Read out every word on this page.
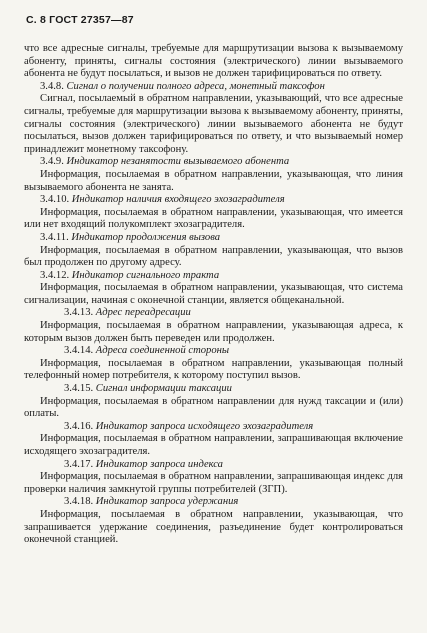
С. 8 ГОСТ 27357—87

что все адресные сигналы, требуемые для маршрутизации вызова к вызываемому абоненту, приняты, сигналы состояния (электрического) линии вызываемого абонента не будут посылаться, и вызов не должен тарифицироваться по ответу.

3.4.8. Сигнал о получении полного адреса, монетный таксофон

Сигнал, посылаемый в обратном направлении, указывающий, что все адресные сигналы, требуемые для маршрутизации вызова к вызываемому абоненту, приняты, сигналы состояния (электрического) линии вызываемого абонента не будут посылаться, вызов должен тарифицироваться по ответу, и что вызываемый номер принадлежит монетному таксофону.

3.4.9. Индикатор незанятости вызываемого абонента

Информация, посылаемая в обратном направлении, указывающая, что линия вызываемого абонента не занята.

3.4.10. Индикатор наличия входящего эхозаградителя

Информация, посылаемая в обратном направлении, указывающая, что имеется или нет входящий полукомплект эхозаградителя.

3.4.11. Индикатор продолжения вызова

Информация, посылаемая в обратном направлении, указывающая, что вызов был продолжен по другому адресу.

3.4.12. Индикатор сигнального тракта

Информация, посылаемая в обратном направлении, указывающая, что система сигнализации, начиная с оконечной станции, является общеканальной.

3.4.13. Адрес переадресации

Информация, посылаемая в обратном направлении, указывающая адреса, к которым вызов должен быть переведен или продолжен.

3.4.14. Адреса соединенной стороны

Информация, посылаемая в обратном направлении, указывающая полный телефонный номер потребителя, к которому поступил вызов.

3.4.15. Сигнал информации таксации

Информация, посылаемая в обратном направлении для нужд таксации и (или) оплаты.

3.4.16. Индикатор запроса исходящего эхозаградителя

Информация, посылаемая в обратном направлении, запрашивающая включение исходящего эхозаградителя.

3.4.17. Индикатор запроса индекса

Информация, посылаемая в обратном направлении, запрашивающая индекс для проверки наличия замкнутой группы потребителей (ЗГП).

3.4.18. Индикатор запроса удержания

Информация, посылаемая в обратном направлении, указывающая, что запрашивается удержание соединения, разъединение будет контролироваться оконечной станцией.
